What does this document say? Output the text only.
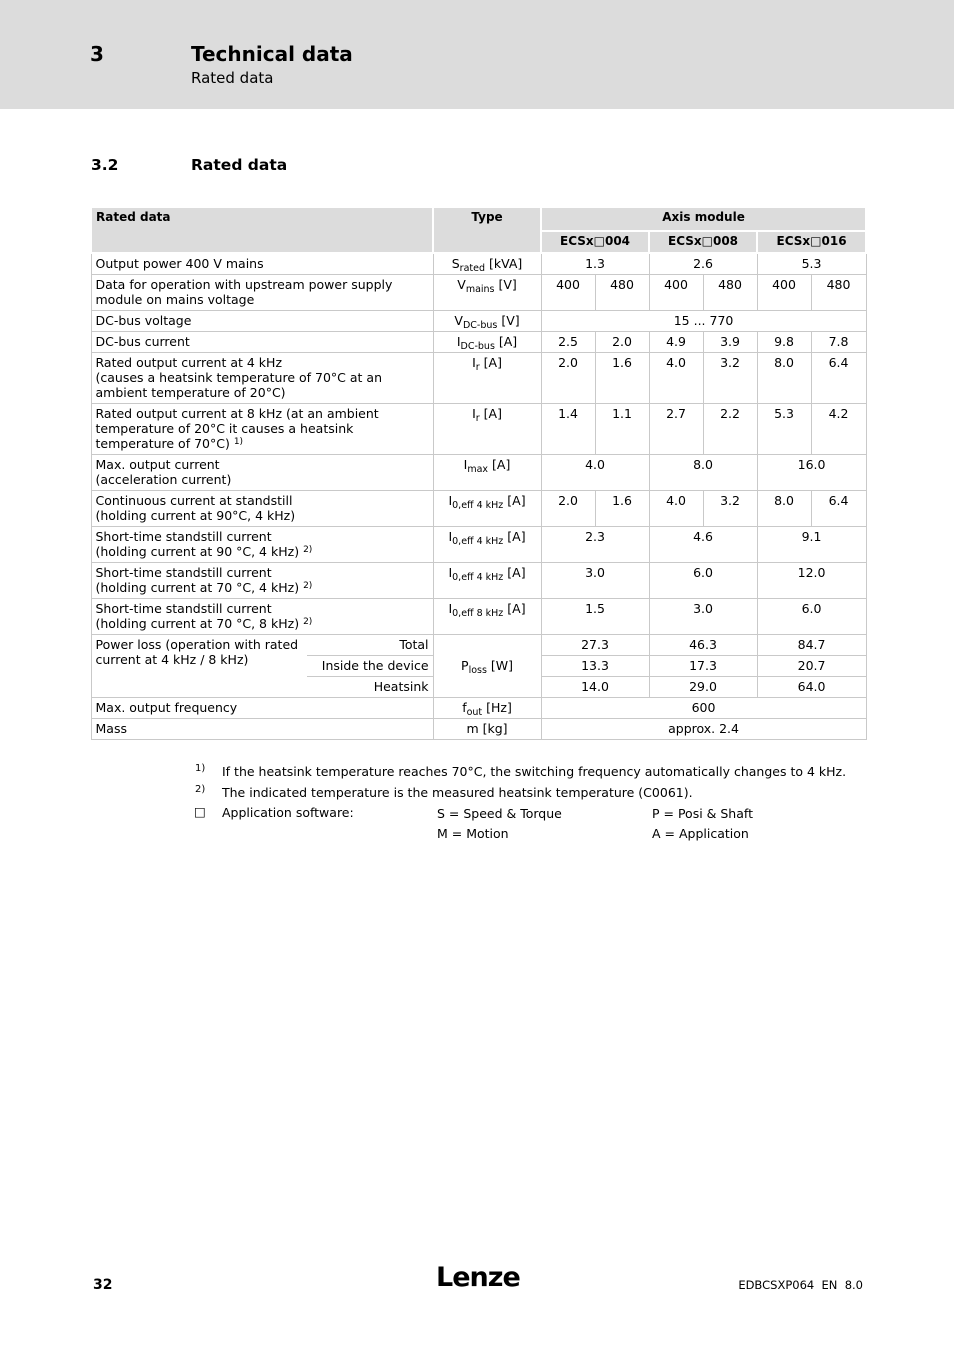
3	Technical data
Rated data
3.2	Rated data
Rated data		Type	Axis module					
			ECSx□004		ECSx□008		ECSx□016	
Output power 400 V mains		$S_{rated}$ [kVA]	1.3		2.6		5.3	
Data for operation with upstream power supply module on mains voltage		$V_{mains}$ [V]	400	480	400	480	400	480
DC-bus voltage		$V_{DC-bus}$ [V]	15 ... 770					
DC-bus current		$I_{DC-bus}$ [A]	2.5	2.0	4.9	3.9	9.8	7.8

Rated output current at 4 kHz
(causes a heatsink temperature of 70°C at an ambient temperature of 20°C)		$I_r$ [A]	2.0	1.6	4.0	3.2	8.0	6.4
Rated output current at 8 kHz (at an ambient temperature of 20°C it causes a heatsink temperature of 70°C) $^{1)}$		$I_r$ [A]	1.4	1.1	2.7	2.2	5.3	4.2

Max. output current
(acceleration current)		$I_{max}$ [A]	4.0		8.0		16.0	

Continuous current at standstill
(holding current at 90°C, 4 kHz)		$I_{0,eff 4 kHz}$ [A]	2.0	1.6	4.0	3.2	8.0	6.4

Short-time standstill current
(holding current at 90 °C, 4 kHz) $^{2)}$		$I_{0,eff 4 kHz}$ [A]	2.3		4.6		9.1	

Short-time standstill current
(holding current at 70 °C, 4 kHz) $^{2)}$		$I_{0,eff 4 kHz}$ [A]	3.0		6.0		12.0	

Short-time standstill current
(holding current at 70 °C, 8 kHz) $^{2)}$		$I_{0,eff 8 kHz}$ [A]	1.5		3.0		6.0	
Power loss (operation with rated current at 4 kHz / 8 kHz)	Total	$P_{loss}$ [W]	27.3		46.3		84.7	
	Inside the device		13.3		17.3		20.7	
	Heatsink		14.0		29.0		64.0	
Max. output frequency		$f_{out}$ [Hz]	600					
Mass		m [kg]	approx. 2.4					
1) If the heatsink temperature reaches 70°C, the switching frequency automatically changes to 4 kHz.
2) The indicated temperature is the measured heatsink temperature (C0061).
□ Application software:	S = Speed & Torque	P = Posi & Shaft
M = Motion	A = Application
32	Lenze	EDBCSXP064  EN  8.0
